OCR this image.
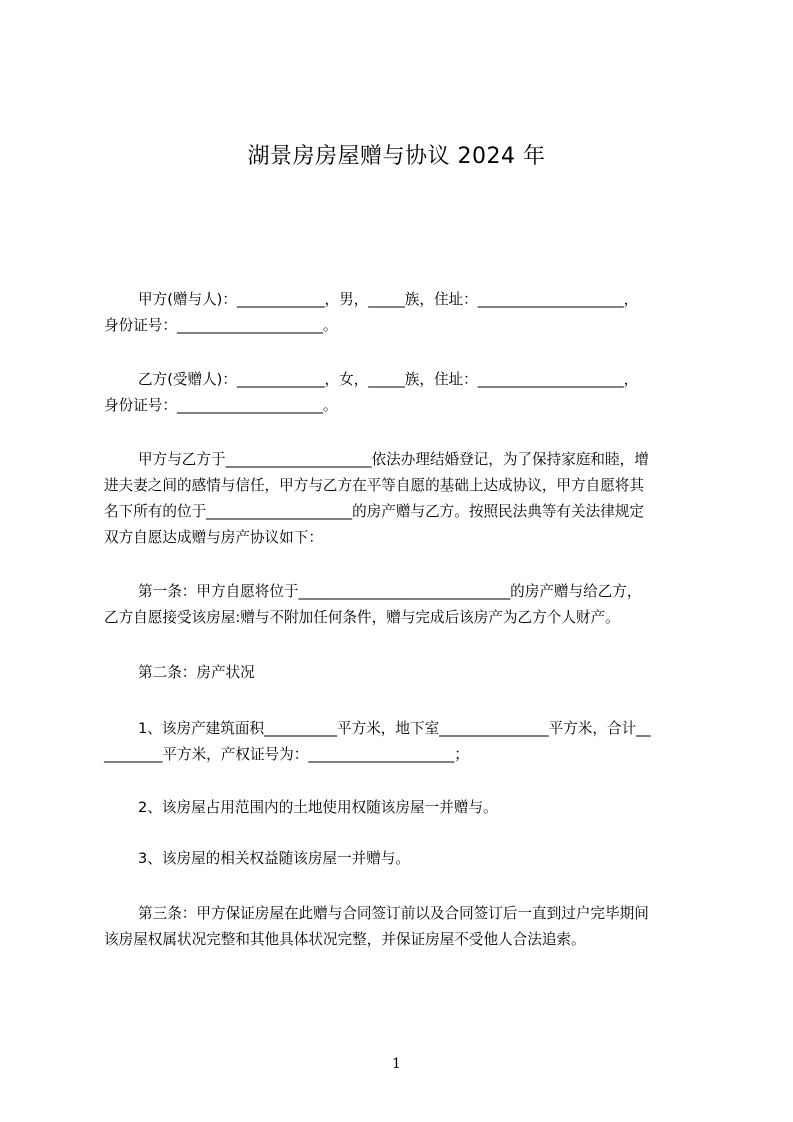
湖景房房屋赠与协议 2024 年
甲方(赠与人)：____________，男，_____族，住址：____________________，
身份证号：____________________。
乙方(受赠人)：____________，女，_____族，住址：____________________，
身份证号：____________________。
甲方与乙方于____________________依法办理结婚登记，为了保持家庭和睦，增
进夫妻之间的感情与信任，甲方与乙方在平等自愿的基础上达成协议，甲方自愿将其
名下所有的位于____________________的房产赠与乙方。按照民法典等有关法律规定
双方自愿达成赠与房产协议如下：
第一条：甲方自愿将位于_____________________________的房产赠与给乙方，
乙方自愿接受该房屋:赠与不附加任何条件，赠与完成后该房产为乙方个人财产。
第二条：房产状况
1、该房产建筑面积__________平方米，地下室_______________平方米，合计__
________平方米，产权证号为：____________________；
2、该房屋占用范围内的土地使用权随该房屋一并赠与。
3、该房屋的相关权益随该房屋一并赠与。
第三条：甲方保证房屋在此赠与合同签订前以及合同签订后一直到过户完毕期间
该房屋权属状况完整和其他具体状况完整，并保证房屋不受他人合法追索。
1
